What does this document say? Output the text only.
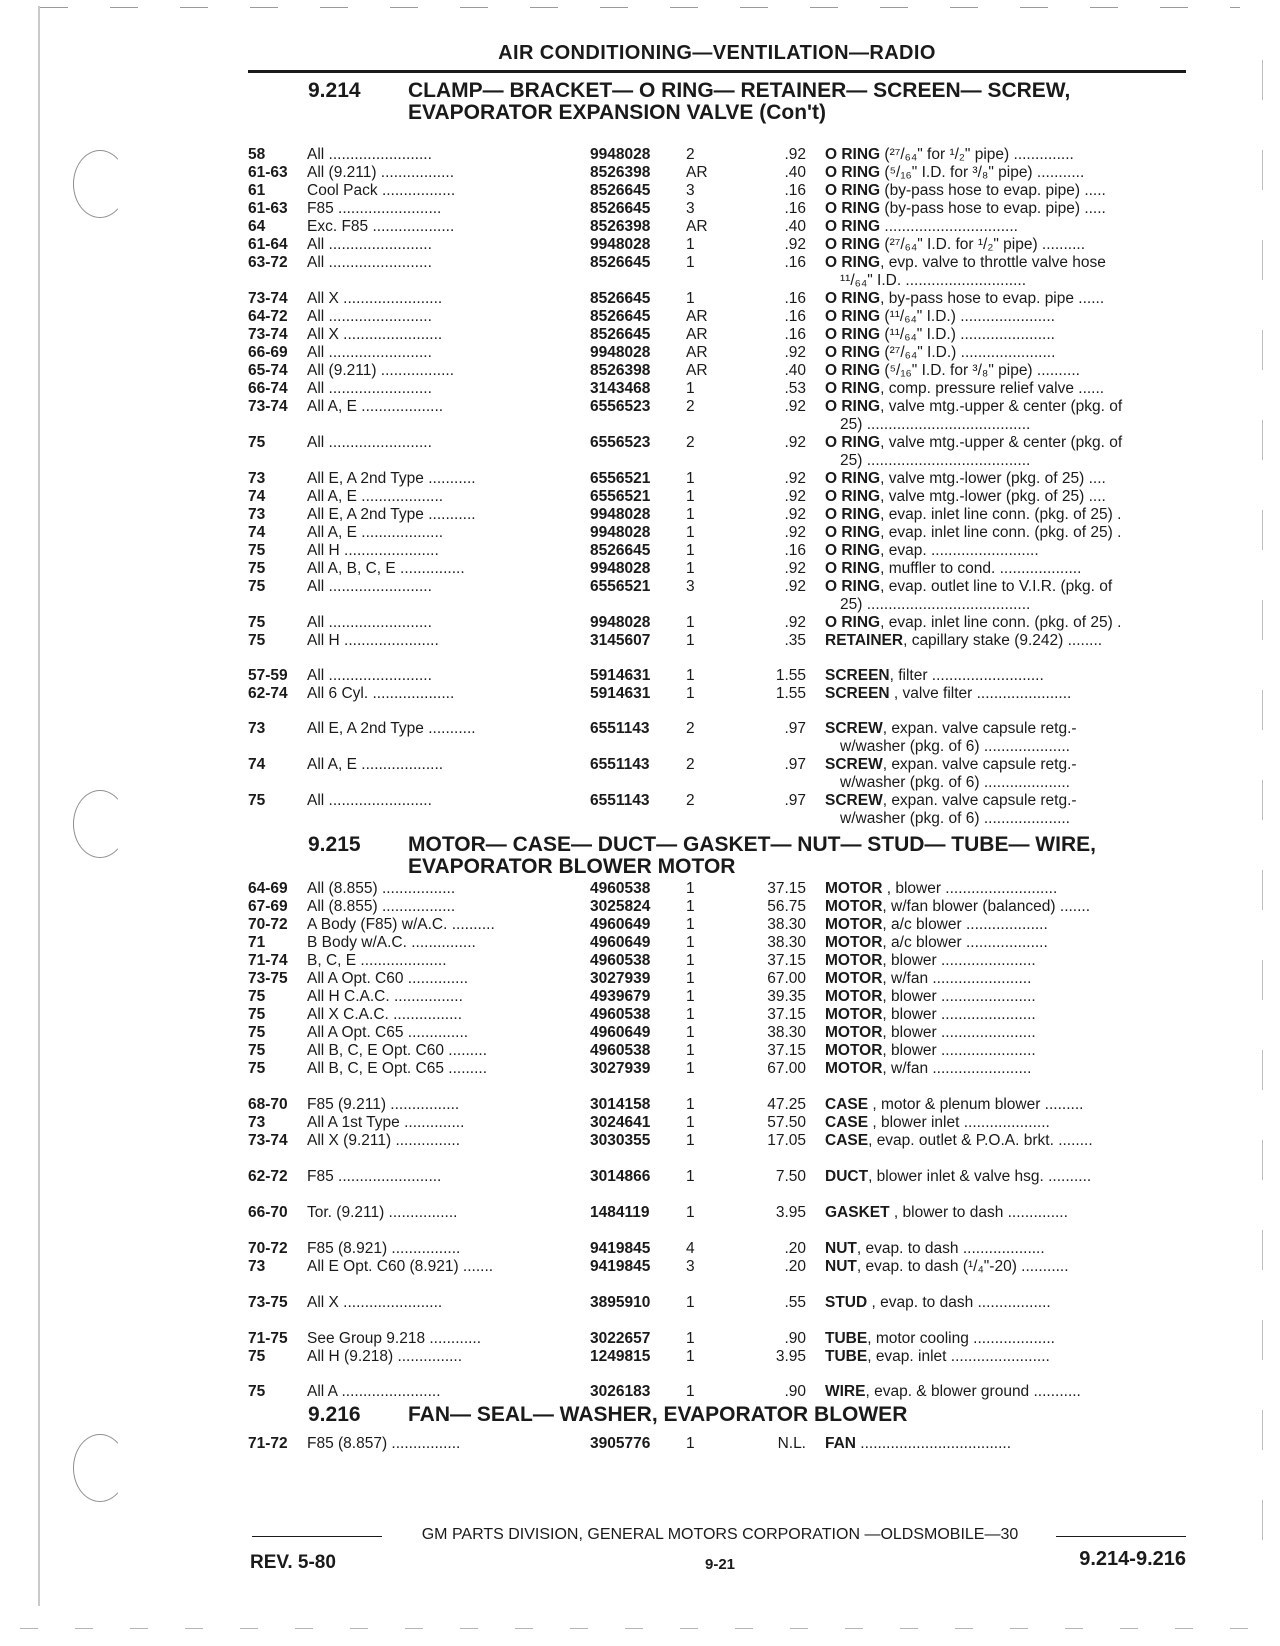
AIR CONDITIONING—VENTILATION—RADIO
9.214	CLAMP— BRACKET— O RING— RETAINER— SCREEN— SCREW,
EVAPORATOR EXPANSION VALVE (Con't)
58	All ........................	9948028	2	.92 O RING (²⁷/₆₄" for ¹/₂" pipe) ..............
61-63	All (9.211) .................	8526398	AR	.40 O RING (⁵/₁₆" I.D. for ³/₈" pipe) ...........
61	Cool Pack .................	8526645	3	.16 O RING (by-pass hose to evap. pipe) .....
61-63	F85 ........................	8526645	3	.16 O RING (by-pass hose to evap. pipe) .....
64	Exc. F85 ...................	8526398	AR	.40 O RING ...............................
61-64	All ........................	9948028	1	.92 O RING (²⁷/₆₄" I.D. for ¹/₂" pipe) ..........
63-72	All ........................	8526645	1	.16 O RING, evp. valve to throttle valve hose
¹¹/₆₄" I.D. ............................
73-74	All X .......................	8526645	1	.16 O RING, by-pass hose to evap. pipe ......
64-72	All ........................	8526645	AR	.16 O RING (¹¹/₆₄" I.D.) ......................
73-74	All X .......................	8526645	AR	.16 O RING (¹¹/₆₄" I.D.) ......................
66-69	All ........................	9948028	AR	.92 O RING (²⁷/₆₄" I.D.) ......................
65-74	All (9.211) .................	8526398	AR	.40 O RING (⁵/₁₆" I.D. for ³/₈" pipe) ..........
66-74	All ........................	3143468	1	.53 O RING, comp. pressure relief valve ......
73-74	All A, E ...................	6556523	2	.92 O RING, valve mtg.-upper & center (pkg. of
25) ......................................
75	All ........................	6556523	2	.92 O RING, valve mtg.-upper & center (pkg. of
25) ......................................
73	All E, A 2nd Type ...........	6556521	1	.92 O RING, valve mtg.-lower (pkg. of 25) ....
74	All A, E ...................	6556521	1	.92 O RING, valve mtg.-lower (pkg. of 25) ....
73	All E, A 2nd Type ...........	9948028	1	.92 O RING, evap. inlet line conn. (pkg. of 25) .
74	All A, E ...................	9948028	1	.92 O RING, evap. inlet line conn. (pkg. of 25) .
75	All H ......................	8526645	1	.16 O RING, evap. .........................
75	All A, B, C, E ...............	9948028	1	.92 O RING, muffler to cond. ...................
75	All ........................	6556521	3	.92 O RING, evap. outlet line to V.I.R. (pkg. of
25) ......................................
75	All ........................	9948028	1	.92 O RING, evap. inlet line conn. (pkg. of 25) .
75	All H ......................	3145607	1	.35 RETAINER, capillary stake (9.242) ........
57-59	All ........................	5914631	1	1.55 SCREEN, filter ..........................
62-74	All 6 Cyl. ...................	5914631	1	1.55 SCREEN , valve filter ......................
73	All E, A 2nd Type ...........	6551143	2	.97 SCREW, expan. valve capsule retg.-
w/washer (pkg. of 6) ....................
74	All A, E ...................	6551143	2	.97 SCREW, expan. valve capsule retg.-
w/washer (pkg. of 6) ....................
75	All ........................	6551143	2	.97 SCREW, expan. valve capsule retg.-
w/washer (pkg. of 6) ....................
9.215	MOTOR— CASE— DUCT— GASKET— NUT— STUD— TUBE— WIRE,
EVAPORATOR BLOWER MOTOR
64-69	All (8.855) .................	4960538	1	37.15 MOTOR , blower ..........................
67-69	All (8.855) .................	3025824	1	56.75 MOTOR, w/fan blower (balanced) .......
70-72	A Body (F85) w/A.C. ..........	4960649	1	38.30 MOTOR, a/c blower ...................
71	B Body w/A.C. ...............	4960649	1	38.30 MOTOR, a/c blower ...................
71-74	B, C, E ....................	4960538	1	37.15 MOTOR, blower ......................
73-75	All A Opt. C60 ..............	3027939	1	67.00 MOTOR, w/fan .......................
75	All H C.A.C. ................	4939679	1	39.35 MOTOR, blower ......................
75	All X C.A.C. ................	4960538	1	37.15 MOTOR, blower ......................
75	All A Opt. C65 ..............	4960649	1	38.30 MOTOR, blower ......................
75	All B, C, E Opt. C60 .........	4960538	1	37.15 MOTOR, blower ......................
75	All B, C, E Opt. C65 .........	3027939	1	67.00 MOTOR, w/fan .......................
68-70	F85 (9.211) ................	3014158	1	47.25 CASE , motor & plenum blower .........
73	All A 1st Type ..............	3024641	1	57.50 CASE , blower inlet ....................
73-74	All X (9.211) ...............	3030355	1	17.05 CASE, evap. outlet & P.O.A. brkt. ........
62-72	F85 ........................	3014866	1	7.50 DUCT, blower inlet & valve hsg. ..........
66-70	Tor. (9.211) ................	1484119	1	3.95 GASKET , blower to dash ..............
70-72	F85 (8.921) ................	9419845	4	.20 NUT, evap. to dash ...................
73	All E Opt. C60 (8.921) .......	9419845	3	.20 NUT, evap. to dash (¹/₄"-20) ...........
73-75	All X .......................	3895910	1	.55 STUD , evap. to dash .................
71-75	See Group 9.218 ............	3022657	1	.90 TUBE, motor cooling ...................
75	All H (9.218) ...............	1249815	1	3.95 TUBE, evap. inlet .......................
75	All A .......................	3026183	1	.90 WIRE, evap. & blower ground ...........
9.216	FAN— SEAL— WASHER, EVAPORATOR BLOWER
71-72	F85 (8.857) ................	3905776	1	N.L. FAN ...................................
GM PARTS DIVISION, GENERAL MOTORS CORPORATION —OLDSMOBILE—30
REV. 5-80	9-21	9.214-9.216
